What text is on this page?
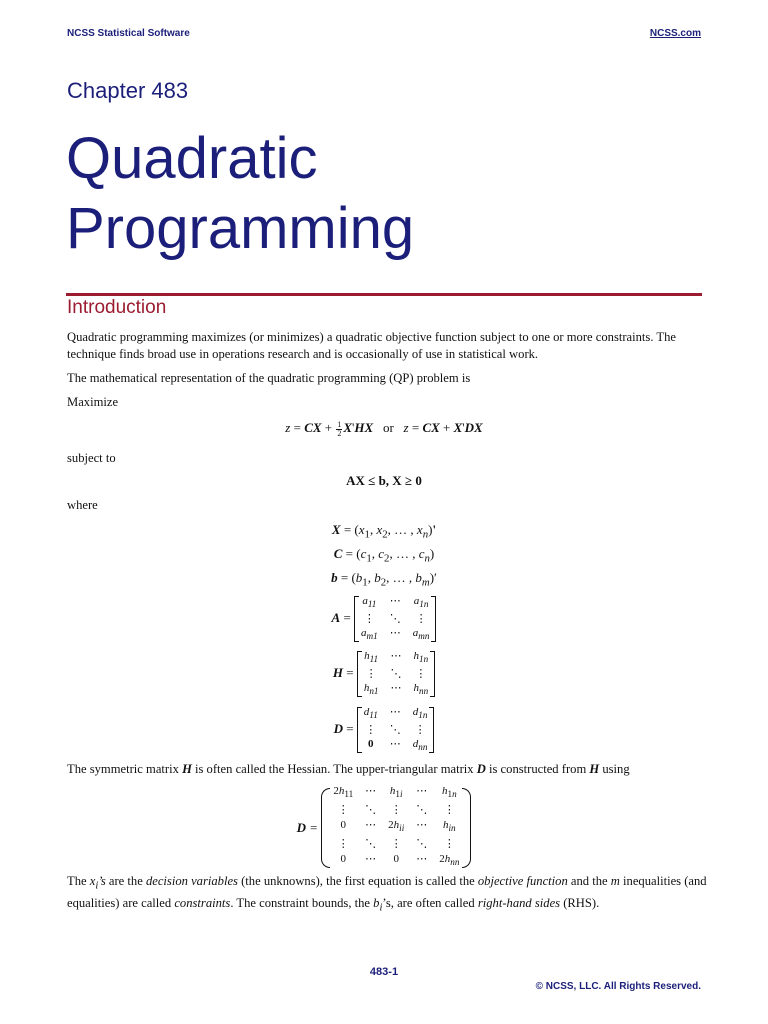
NCSS Statistical Software	NCSS.com
Chapter 483
Quadratic
Programming
Introduction
Quadratic programming maximizes (or minimizes) a quadratic objective function subject to one or more constraints. The technique finds broad use in operations research and is occasionally of use in statistical work.
The mathematical representation of the quadratic programming (QP) problem is
Maximize
z = CX + $\frac{1}{2} X'HX$ or z = CX + X'DX
subject to
AX ≤ b, X ≥ 0
where
$X = (x_1$, $x_2$, … , $x_n)'$
$C = (c_1$, $c_2$, … , $c_n$)
$b = (b_1$, $b_2$, … , $b_m)'$
A =
$a_{11}$ ⋯ $a_{1n}$
⋮ ⋱ ⋮
$a_{m1}$ ⋯ $a_{mn}$
H =
$h_{11}$ ⋯ $h_{1n}$
⋮ ⋱ ⋮
$h_{n1}$ ⋯ $h_{nn}$
D =
$d_{11}$ ⋯ $d_{1n}$
⋮ ⋱ ⋮
0	⋯ $d_{nn}$
The symmetric matrix H is often called the Hessian. The upper-triangular matrix D is constructed from H using
D =
$2h_{11}$ ⋯ $h_{1i}$ ⋯ $h_{1n}$
⋮	⋱ ⋮ ⋱	⋮
0	⋯ $2h_{ii}$ ⋯	$h_{in}$
⋮	⋱ ⋮ ⋱	⋮
0	⋯	0	⋯ $2h_{nn}$
The $x_i’s$ are the decision variables (the unknowns), the first equation is called the objective function and the m inequalities (and equalities) are called constraints. The constraint bounds, the $b_i’s$, are often called right-hand sides (RHS).
483-1
© NCSS, LLC. All Rights Reserved.
